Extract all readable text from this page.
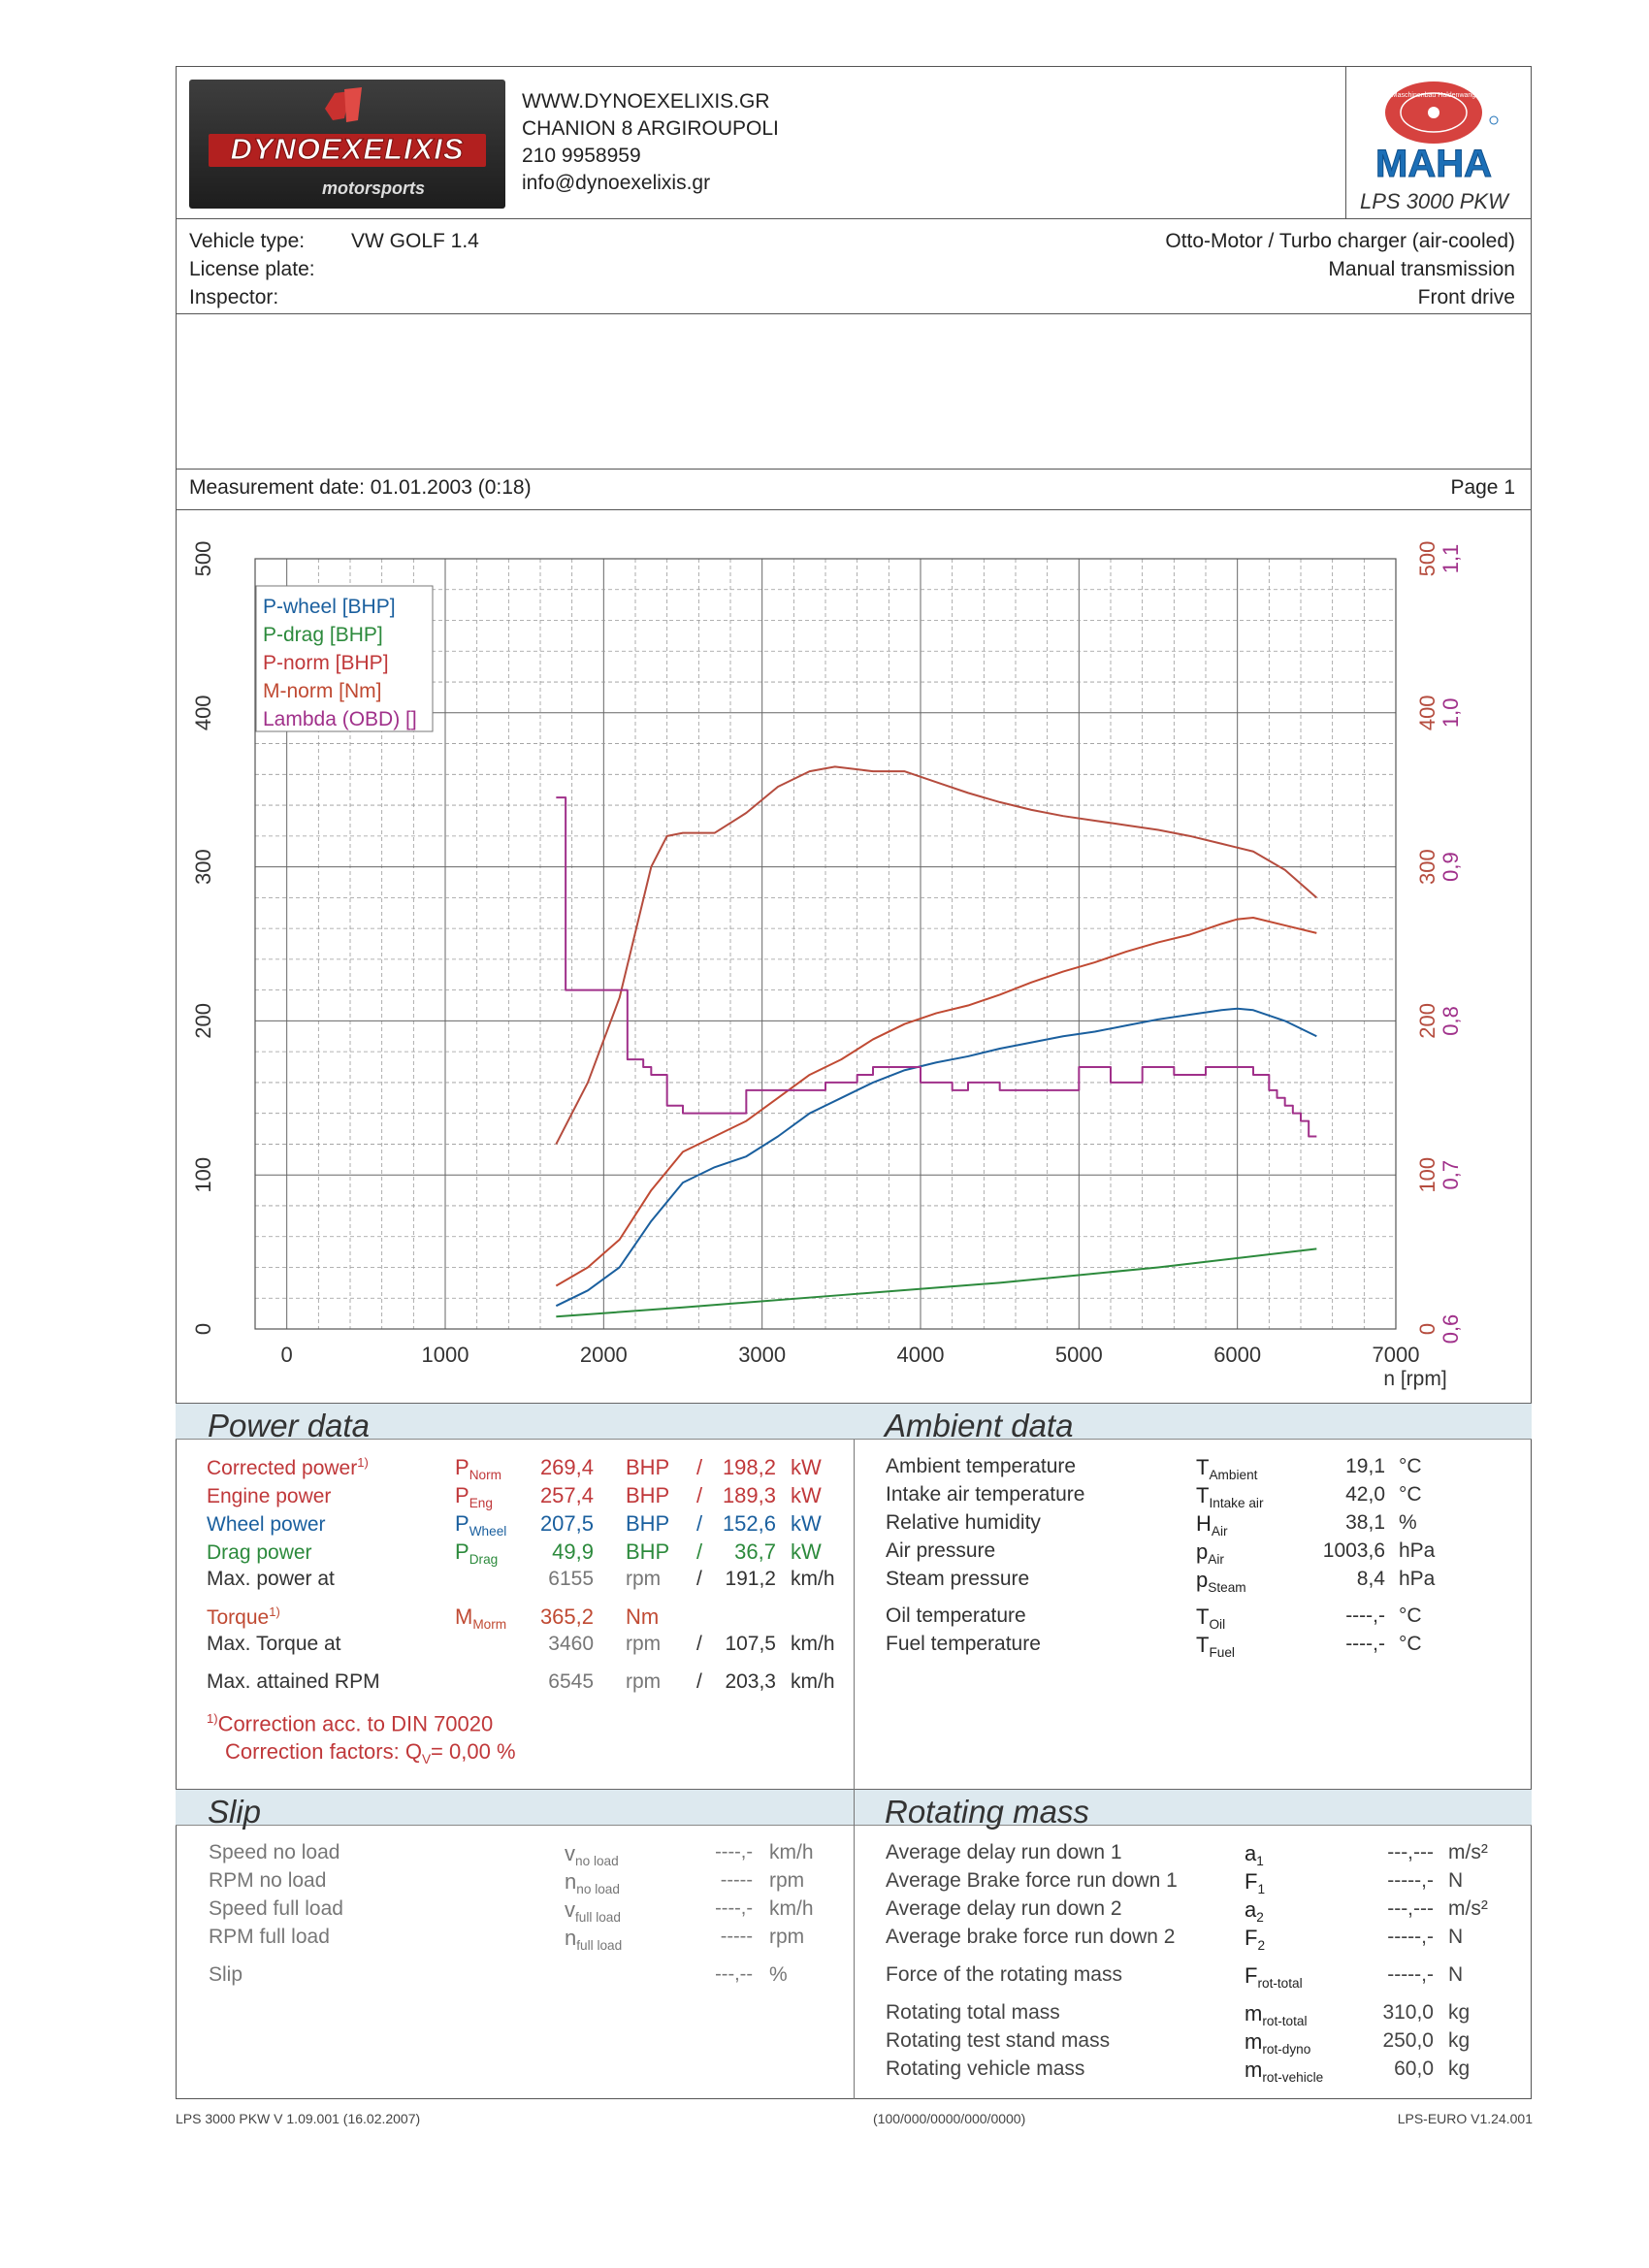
DYNOEXELIXIS
motorsports
WWW.DYNOEXELIXIS.GR
CHANION 8 ARGIROUPOLI
210 9958959
info@dynoexelixis.gr
Maschinenbau Haldenwang
MAHA
LPS 3000 PKW
Vehicle type: VW GOLF 1.4
License plate:
Inspector:
Otto-Motor / Turbo charger (air-cooled)
Manual transmission
Front drive
Measurement date: 01.01.2003 (0:18)	Page 1
0	1000	2000	3000	4000	5000	6000	7000
n [rpm]
0
100
200
300
400
500
0 0,6
100 0,7
200 0,8
300 0,9
400 1,0
500 1,1
P-wheel [BHP]
P-drag [BHP]
P-norm [BHP]
M-norm [Nm]
Lambda (OBD) []
Power data	Ambient data
Corrected power$^{1)}$	$P_{Norm}$ 269,4 BHP / 198,2 kW
Engine power	$P_{Eng}$ 257,4 BHP / 189,3 kW
Wheel power	$P_{Wheel}$ 207,5 BHP / 152,6 kW
Drag power	$P_{Drag}$	49,9 BHP / 36,7 kW
Max. power at	6155 rpm / 191,2 km/h
Torque$^{1)}$	$M_{Morm}$ 365,2 Nm
Max. Torque at	3460 rpm / 107,5 km/h
Max. attained RPM	6545 rpm / 203,3 km/h
$^{1)}$Correction acc. to DIN 70020
Correction factors: $Q_V= 0,00$ %
Ambient temperature	$T_{Ambient}$	19,1 °C
Intake air temperature	$T_{Intake air}$	42,0 °C
Relative humidity	$H_{Air}$	38,1 %
Air pressure	$p_{Air}$	1003,6 hPa
Steam pressure	$p_{Steam}$	8,4 hPa
Oil temperature	$T_{Oil}$	----,- °C
Fuel temperature	$T_{Fuel}$	----,- °C
Slip	Rotating mass
Speed no load	$v_{no load}$	----,- km/h
RPM no load	$n_{no load}$	----- rpm
Speed full load	$v_{full load}$	----,- km/h
RPM full load	$n_{full load}$	----- rpm
Slip	---,-- %
Average delay run down 1	$a_1$	---,--- m/s²
Average Brake force run down 1	$F_1$	-----,- N
Average delay run down 2	$a_2$	---,--- m/s²
Average brake force run down 2	$F_2$	-----,- N
Force of the rotating mass	$F_{rot-total}$	-----,- N
Rotating total mass	$m_{rot-total}$	310,0 kg
Rotating test stand mass	$m_{rot-dyno}$	250,0 kg
Rotating vehicle mass	$m_{rot-vehicle}$	60,0 kg
LPS 3000 PKW V 1.09.001 (16.02.2007)	(100/000/0000/000/0000)	LPS-EURO V1.24.001
